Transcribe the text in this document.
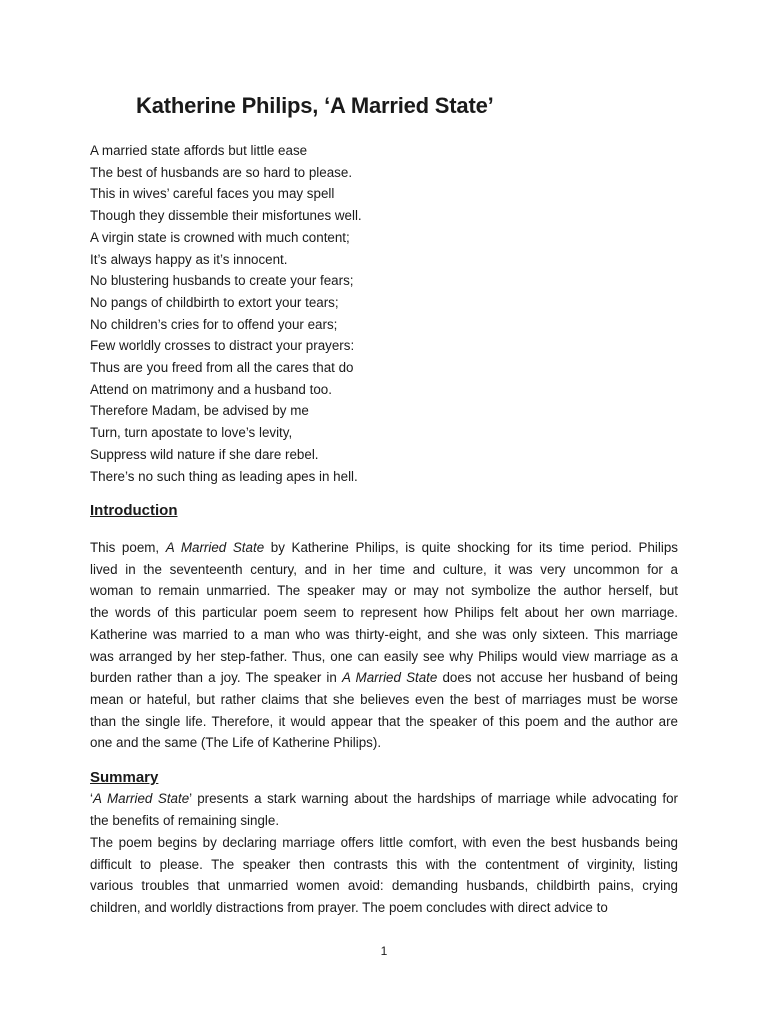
Katherine Philips, ‘A Married State’
A married state affords but little ease
The best of husbands are so hard to please.
This in wives’ careful faces you may spell
Though they dissemble their misfortunes well.
A virgin state is crowned with much content;
It’s always happy as it’s innocent.
No blustering husbands to create your fears;
No pangs of childbirth to extort your tears;
No children’s cries for to offend your ears;
Few worldly crosses to distract your prayers:
Thus are you freed from all the cares that do
Attend on matrimony and a husband too.
Therefore Madam, be advised by me
Turn, turn apostate to love’s levity,
Suppress wild nature if she dare rebel.
There’s no such thing as leading apes in hell.
Introduction
This poem, A Married State by Katherine Philips, is quite shocking for its time period. Philips
lived in the seventeenth century, and in her time and culture, it was very uncommon for a
woman to remain unmarried. The speaker may or may not symbolize the author herself, but
the words of this particular poem seem to represent how Philips felt about her own marriage.
Katherine was married to a man who was thirty-eight, and she was only sixteen. This marriage
was arranged by her step-father. Thus, one can easily see why Philips would view marriage as a
burden rather than a joy. The speaker in A Married State does not accuse her husband of being
mean or hateful, but rather claims that she believes even the best of marriages must be worse
than the single life. Therefore, it would appear that the speaker of this poem and the author are
one and the same (The Life of Katherine Philips).
Summary
‘A Married State’ presents a stark warning about the hardships of marriage while advocating for
the benefits of remaining single.
The poem begins by declaring marriage offers little comfort, with even the best husbands being
difficult to please. The speaker then contrasts this with the contentment of virginity, listing
various troubles that unmarried women avoid: demanding husbands, childbirth pains, crying
children, and worldly distractions from prayer. The poem concludes with direct advice to
1
